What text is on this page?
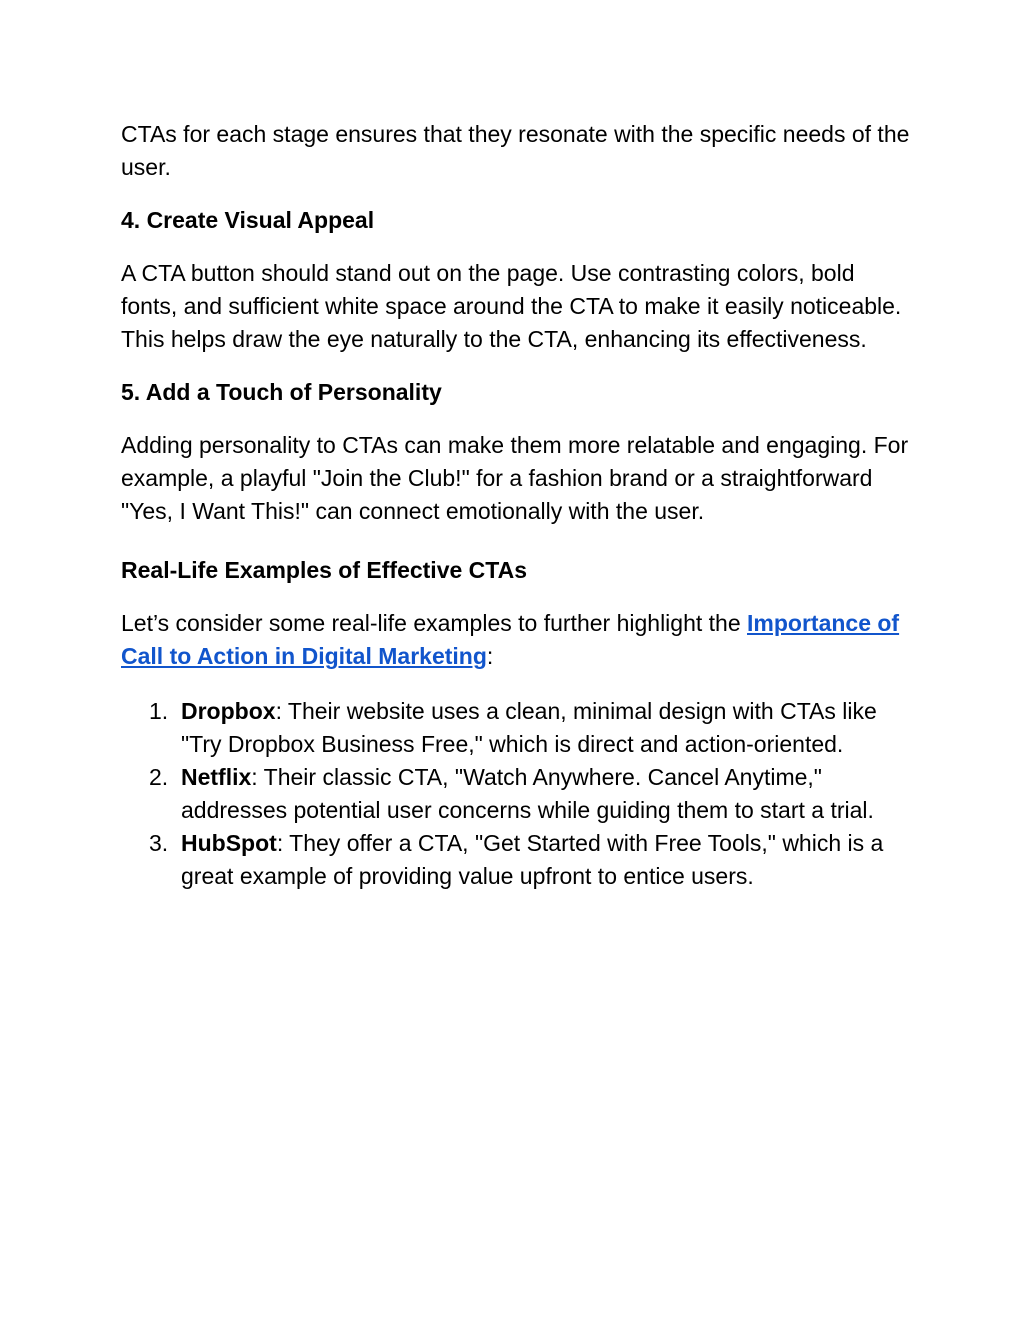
CTAs for each stage ensures that they resonate with the specific needs of the user.

4. Create Visual Appeal

A CTA button should stand out on the page. Use contrasting colors, bold fonts, and sufficient white space around the CTA to make it easily noticeable. This helps draw the eye naturally to the CTA, enhancing its effectiveness.

5. Add a Touch of Personality

Adding personality to CTAs can make them more relatable and engaging. For example, a playful "Join the Club!" for a fashion brand or a straightforward "Yes, I Want This!" can connect emotionally with the user.

Real-Life Examples of Effective CTAs

Let’s consider some real-life examples to further highlight the Importance of Call to Action in Digital Marketing:

1. Dropbox: Their website uses a clean, minimal design with CTAs like "Try Dropbox Business Free," which is direct and action-oriented.
2. Netflix: Their classic CTA, "Watch Anywhere. Cancel Anytime," addresses potential user concerns while guiding them to start a trial.
3. HubSpot: They offer a CTA, "Get Started with Free Tools," which is a great example of providing value upfront to entice users.
